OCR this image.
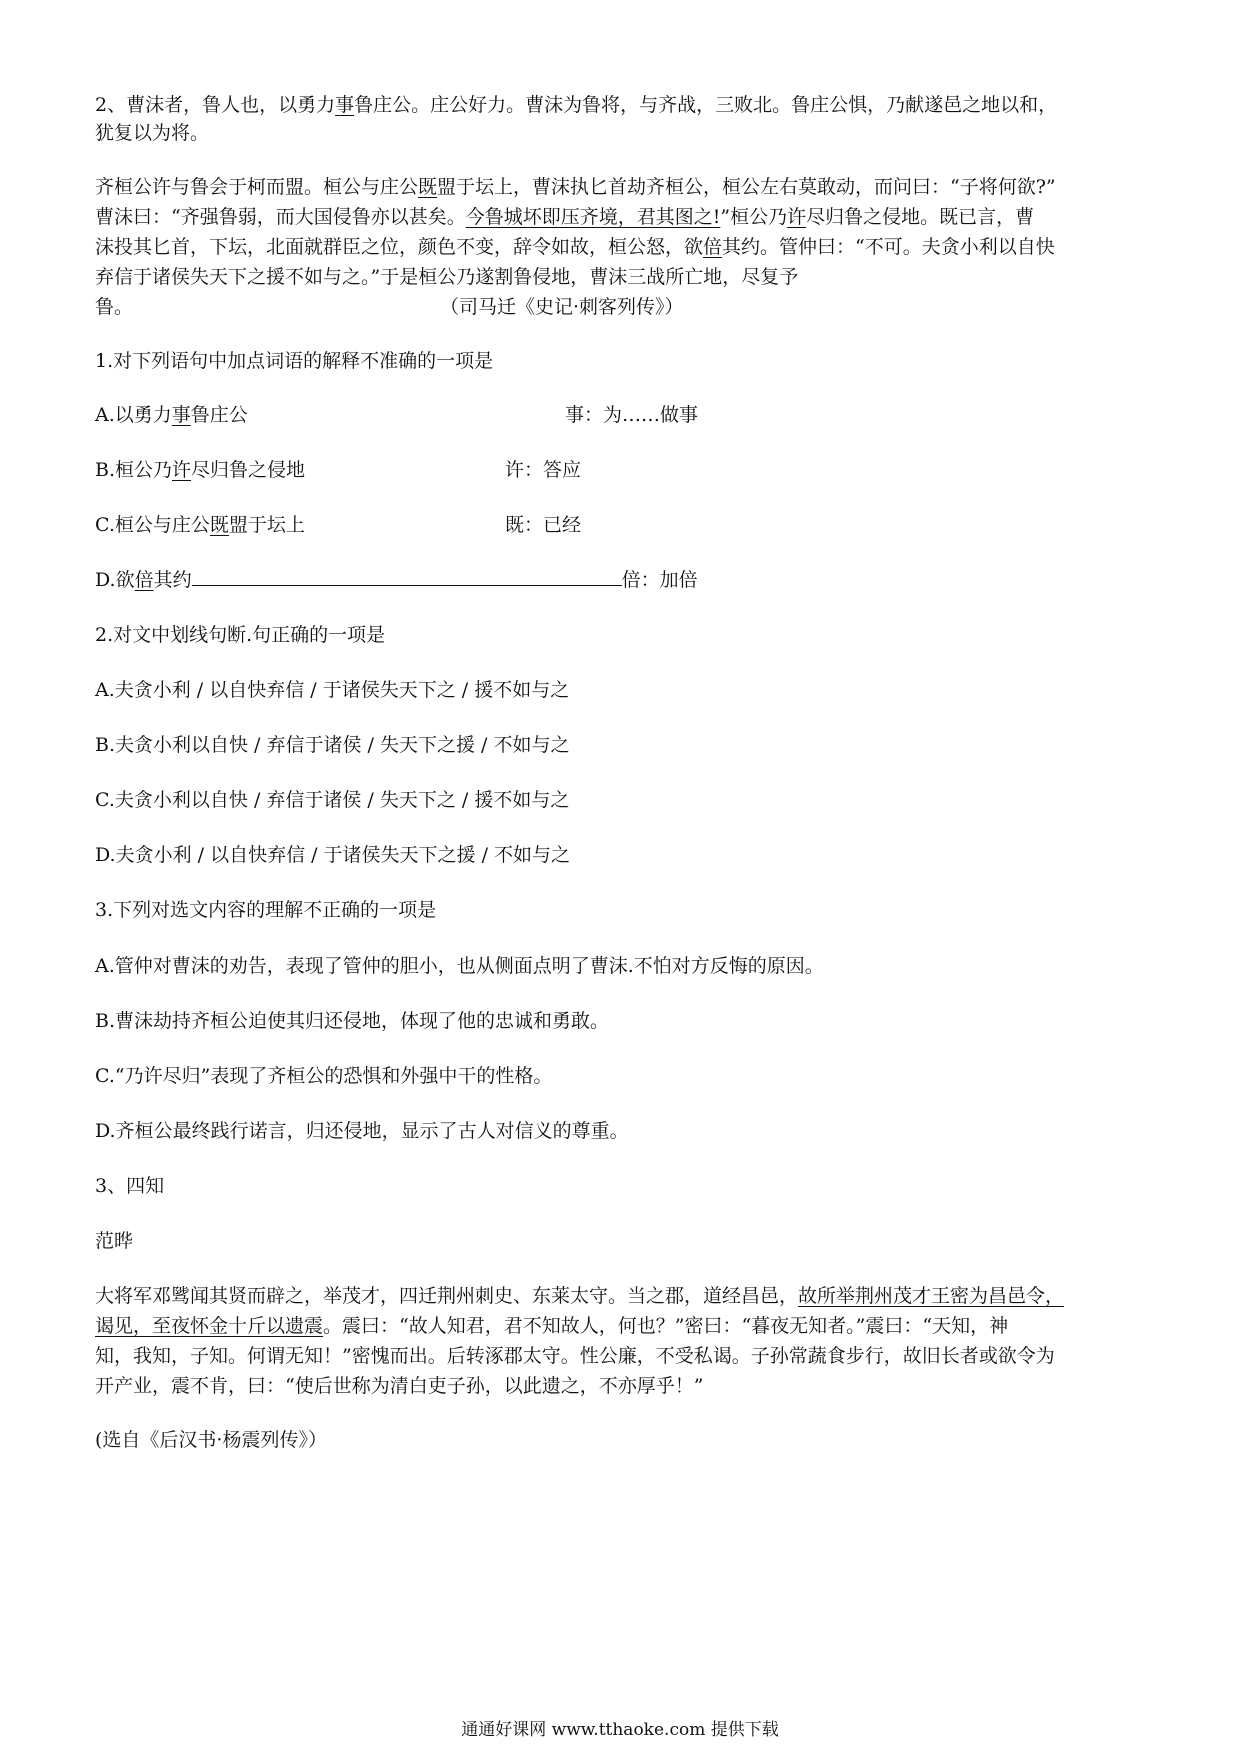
2、曹沫者，鲁人也，以勇力事鲁庄公。庄公好力。曹沫为鲁将，与齐战，三败北。鲁庄公惧，乃献遂邑之地以和，
犹复以为将。
齐桓公许与鲁会于柯而盟。桓公与庄公既盟于坛上，曹沫执匕首劫齐桓公，桓公左右莫敢动，而问曰：“子将何欲?”
曹沫曰：“齐强鲁弱，而大国侵鲁亦以甚矣。今鲁城坏即压齐境，君其图之!”桓公乃许尽归鲁之侵地。既已言，曹
沫投其匕首，下坛，北面就群臣之位，颜色不变，辞令如故，桓公怒，欲倍其约。管仲曰：“不可。夫贪小利以自快
弃信于诸侯失天下之援不如与之。”于是桓公乃遂割鲁侵地，曹沫三战所亡地，尽复予
鲁。	（司马迁《史记·刺客列传》）
1.对下列语句中加点词语的解释不准确的一项是
A.以勇力事鲁庄公	事：为……做事
B.桓公乃许尽归鲁之侵地	许：答应
C.桓公与庄公既盟于坛上	既：已经
D.欲倍其约	倍：加倍
2.对文中划线句断.句正确的一项是
A.夫贪小利 / 以自快弃信 / 于诸侯失天下之 / 援不如与之
B.夫贪小利以自快 / 弃信于诸侯 / 失天下之援 / 不如与之
C.夫贪小利以自快 / 弃信于诸侯 / 失天下之 / 援不如与之
D.夫贪小利 / 以自快弃信 / 于诸侯失天下之援 / 不如与之
3.下列对选文内容的理解不正确的一项是
A.管仲对曹沫的劝告，表现了管仲的胆小，也从侧面点明了曹沫.不怕对方反悔的原因。
B.曹沫劫持齐桓公迫使其归还侵地，体现了他的忠诚和勇敢。
C.“乃许尽归”表现了齐桓公的恐惧和外强中干的性格。
D.齐桓公最终践行诺言，归还侵地，显示了古人对信义的尊重。
3、四知
范晔
大将军邓骘闻其贤而辟之，举茂才，四迁荆州刺史、东莱太守。当之郡，道经昌邑，故所举荆州茂才王密为昌邑令，
谒见，至夜怀金十斤以遗震。震曰：“故人知君，君不知故人，何也？”密曰：“暮夜无知者。”震曰：“天知，神
知，我知，子知。何谓无知！”密愧而出。后转涿郡太守。性公廉，不受私谒。子孙常蔬食步行，故旧长者或欲令为
开产业，震不肯，曰：“使后世称为清白吏子孙，以此遗之，不亦厚乎！”
(选自《后汉书·杨震列传》）
通通好课网 www.tthaoke.com 提供下载
